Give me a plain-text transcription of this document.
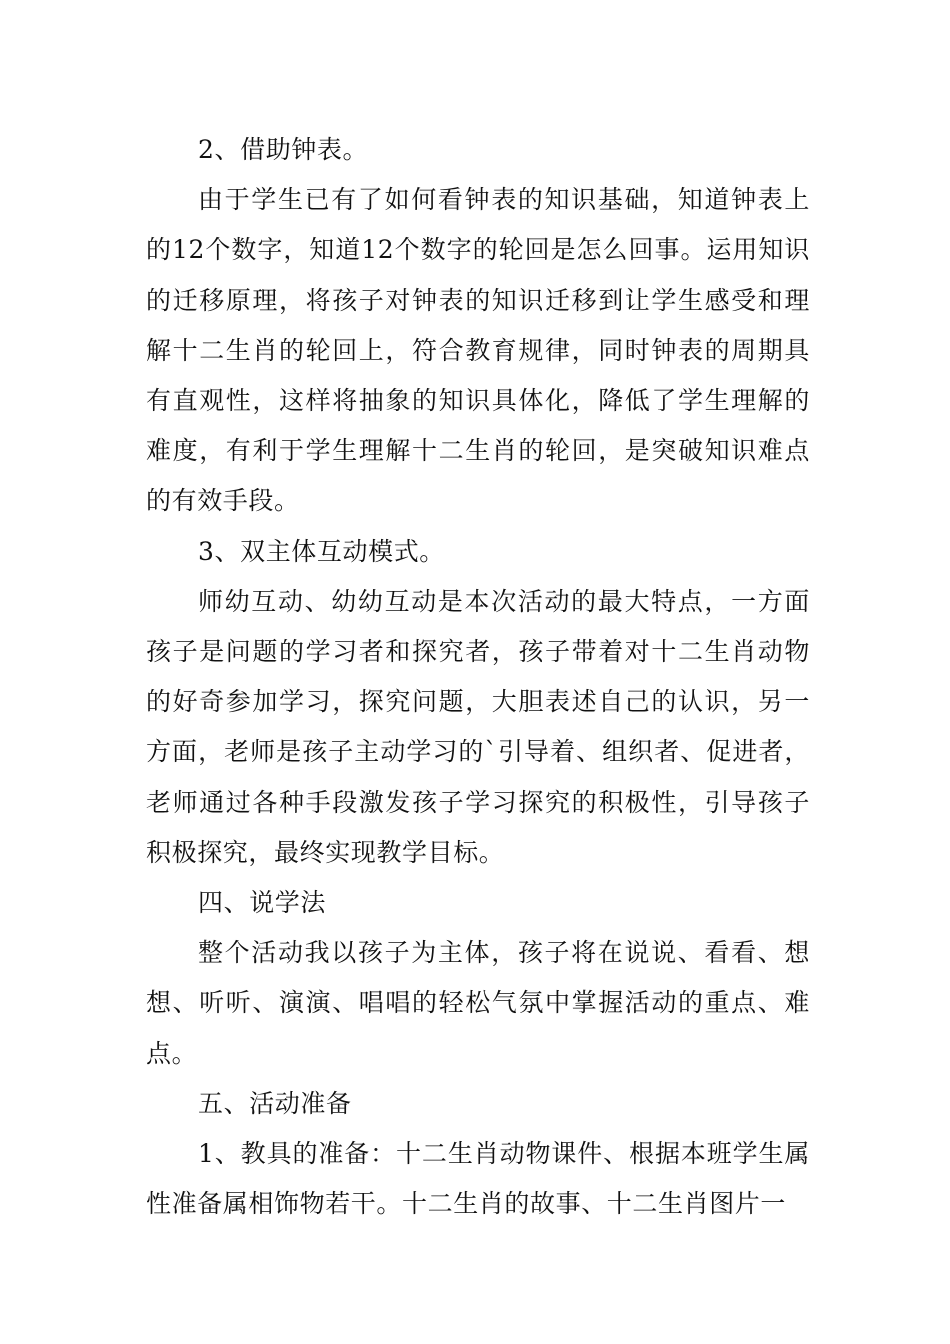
2、借助钟表。

由于学生已有了如何看钟表的知识基础，知道钟表上的12个数字，知道12个数字的轮回是怎么回事。运用知识的迁移原理，将孩子对钟表的知识迁移到让学生感受和理解十二生肖的轮回上，符合教育规律，同时钟表的周期具有直观性，这样将抽象的知识具体化，降低了学生理解的难度，有利于学生理解十二生肖的轮回，是突破知识难点的有效手段。

3、双主体互动模式。

师幼互动、幼幼互动是本次活动的最大特点，一方面孩子是问题的学习者和探究者，孩子带着对十二生肖动物的好奇参加学习，探究问题，大胆表述自己的认识，另一方面，老师是孩子主动学习的`引导着、组织者、促进者，老师通过各种手段激发孩子学习探究的积极性，引导孩子积极探究，最终实现教学目标。

四、说学法

整个活动我以孩子为主体，孩子将在说说、看看、想想、听听、演演、唱唱的轻松气氛中掌握活动的重点、难点。

五、活动准备

1、教具的准备：十二生肖动物课件、根据本班学生属性准备属相饰物若干。十二生肖的故事、十二生肖图片一
